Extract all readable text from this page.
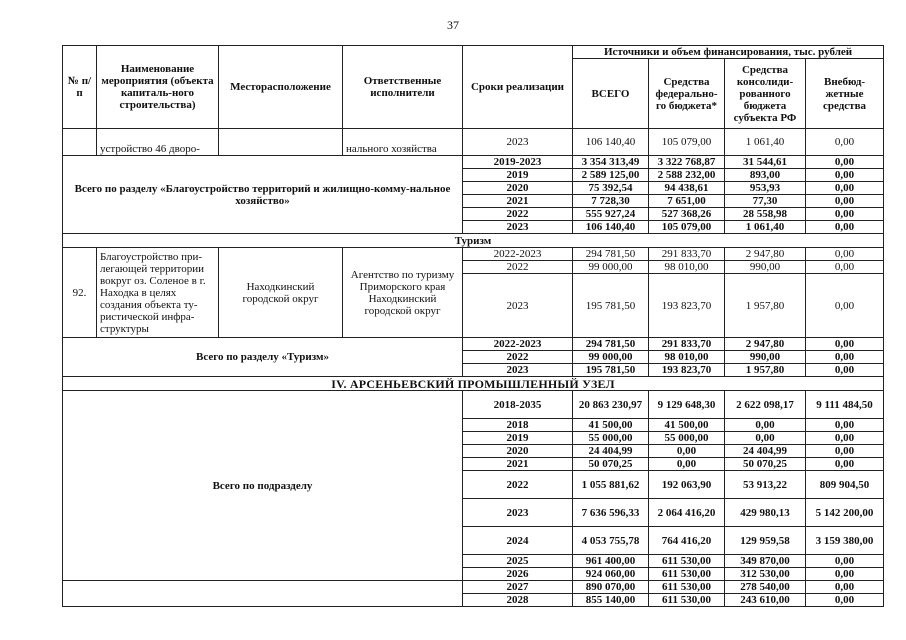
37
№ п/п	Наименование мероприятия (объекта капиталь-ного строительства)	Месторасположение	Ответственные исполнители	Сроки реализации	Источники и объем финансирования, тыс. рублей			
					ВСЕГО	Средства федерально-го бюджета*	Средства консолиди-рованного бюджета субъекта РФ	Внебюд-жетные средства
	устройство 46 дворо-		нального хозяйства	2023	106 140,40	105 079,00	1 061,40	0,00
Всего по разделу «Благоустройство территорий и жилищно-комму-нальное хозяйство»				2019-2023	3 354 313,49	3 322 768,87	31 544,61	0,00
				2019	2 589 125,00	2 588 232,00	893,00	0,00
				2020	75 392,54	94 438,61	953,93	0,00
				2021	7 728,30	7 651,00	77,30	0,00
				2022	555 927,24	527 368,26	28 558,98	0,00
				2023	106 140,40	105 079,00	1 061,40	0,00
Туризм								
92.	Благоустройство при-легающей территории вокруг оз. Соленое в г. Находка в целях создания объекта ту-ристической инфра-структуры	Находкинский городской округ	Агентство по туризму Приморского края Находкинский городской округ	2022-2023	294 781,50	291 833,70	2 947,80	0,00
				2022	99 000,00	98 010,00	990,00	0,00
				2023	195 781,50	193 823,70	1 957,80	0,00
Всего по разделу «Туризм»				2022-2023	294 781,50	291 833,70	2 947,80	0,00
				2022	99 000,00	98 010,00	990,00	0,00
				2023	195 781,50	193 823,70	1 957,80	0,00
IV. АРСЕНЬЕВСКИЙ ПРОМЫШЛЕННЫЙ УЗЕЛ								
Всего по подразделу				2018-2035	20 863 230,97	9 129 648,30	2 622 098,17	9 111 484,50
				2018	41 500,00	41 500,00	0,00	0,00
				2019	55 000,00	55 000,00	0,00	0,00
				2020	24 404,99	0,00	24 404,99	0,00
				2021	50 070,25	0,00	50 070,25	0,00
				2022	1 055 881,62	192 063,90	53 913,22	809 904,50
				2023	7 636 596,33	2 064 416,20	429 980,13	5 142 200,00
				2024	4 053 755,78	764 416,20	129 959,58	3 159 380,00
				2025	961 400,00	611 530,00	349 870,00	0,00
				2026	924 060,00	611 530,00	312 530,00	0,00
				2027	890 070,00	611 530,00	278 540,00	0,00
				2028	855 140,00	611 530,00	243 610,00	0,00
